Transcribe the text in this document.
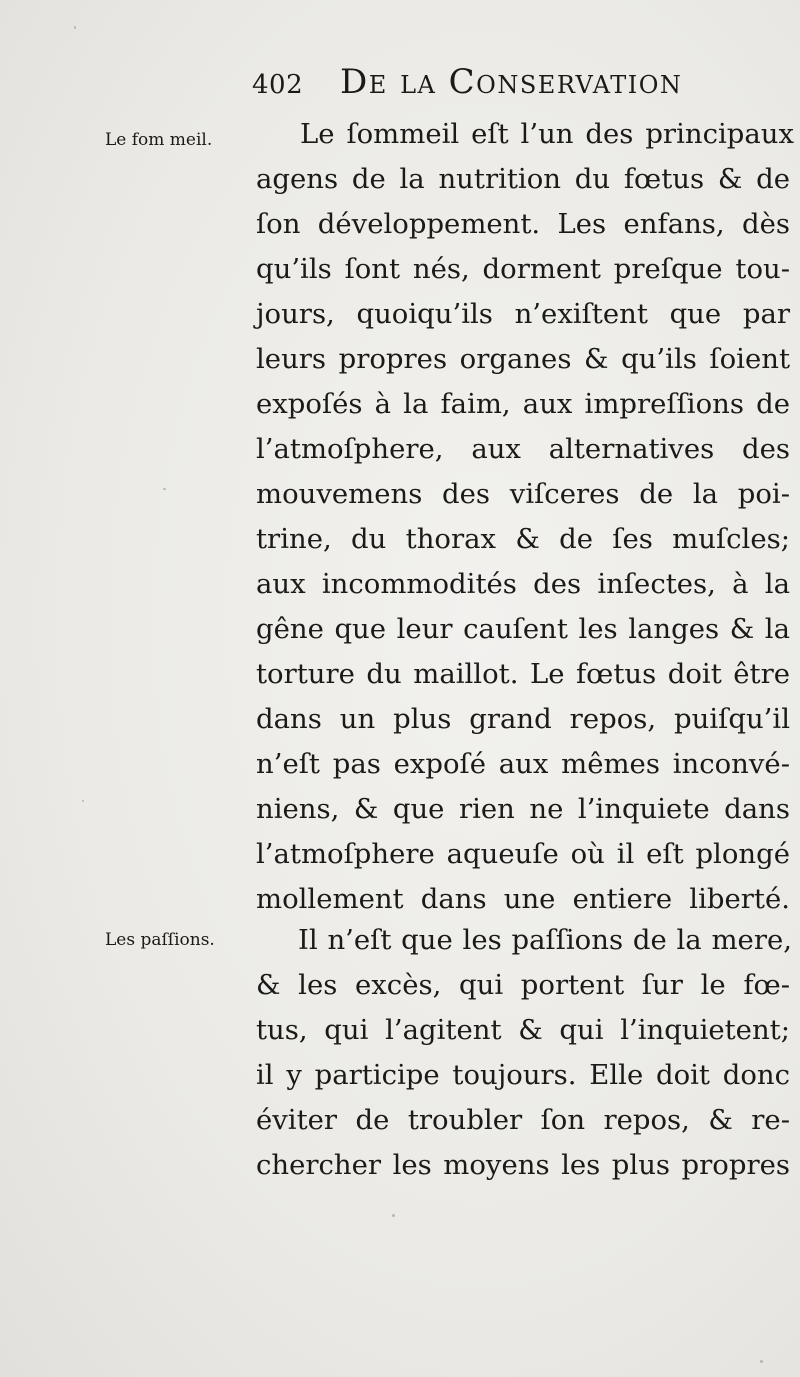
402 De la Conservation
Le fom meil.
Les paſſions.
Le ſommeil eſt l’un des principaux
agens de la nutrition du fœtus & de
ſon développement. Les enfans, dès
qu’ils ſont nés, dorment preſque tou-
jours, quoiqu’ils n’exiſtent que par
leurs propres organes & qu’ils ſoient
expoſés à la faim, aux impreſſions de
l’atmoſphere, aux alternatives des
mouvemens des viſceres de la poi-
trine, du thorax & de ſes muſcles;
aux incommodités des inſectes, à la
gêne que leur cauſent les langes & la
torture du maillot. Le fœtus doit être
dans un plus grand repos, puiſqu’il
n’eſt pas expoſé aux mêmes inconvé-
niens, & que rien ne l’inquiete dans
l’atmoſphere aqueuſe où il eſt plongé
mollement dans une entiere liberté.
Il n’eſt que les paſſions de la mere,
& les excès, qui portent ſur le fœ-
tus, qui l’agitent & qui l’inquietent;
il y participe toujours. Elle doit donc
éviter de troubler ſon repos, & re-
chercher les moyens les plus propres
